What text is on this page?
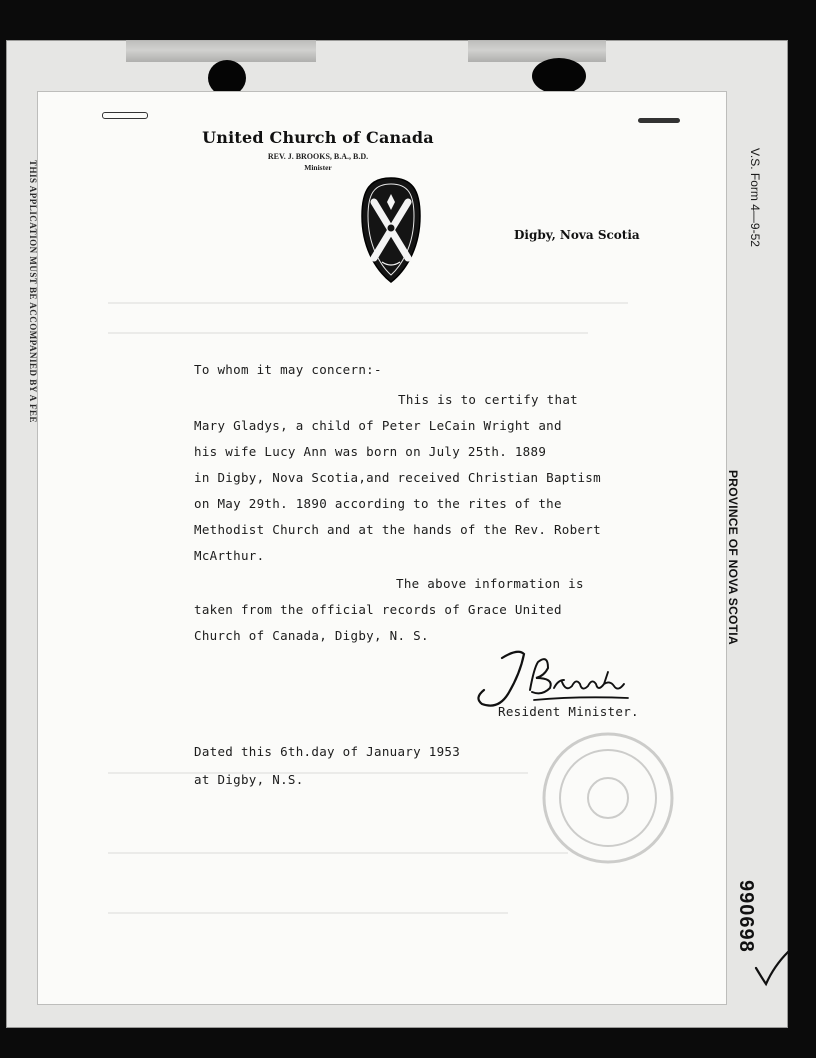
THIS APPLICATION MUST BE ACCOMPANIED BY A FEE	V.S. Form 4—9-52
PROVINCE OF NOVA SCOTIA
990698

United Church of Canada
REV. J. BROOKS, B.A., B.D.
Minister
Digby, Nova Scotia
To whom it may concern:-
This is to certify that
Mary Gladys, a child of Peter LeCain Wright and
his wife Lucy Ann was born on July 25th. 1889
in Digby, Nova Scotia,and received Christian Baptism
on May 29th. 1890 according to the rites of the
Methodist Church and at the hands of the Rev. Robert
McArthur.
The above information is
taken from the official records of Grace United
Church of Canada, Digby, N. S.
Resident Minister.
Dated this 6th.day of January 1953
at Digby, N.S.
